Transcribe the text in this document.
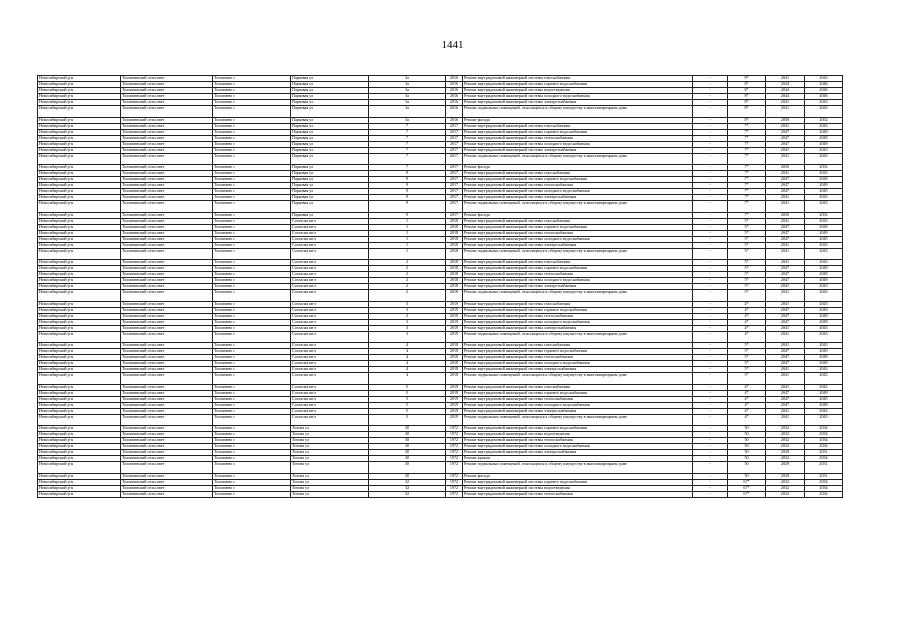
1441
Новосибирский р-н	Толмачевский сельсовет	Толмачево с	Парковая ул	3а	2016	Ремонт внутридомовой инженерной системы газоснабжения	-	8*	2041	2043
Новосибирский р-н	Толмачевский сельсовет	Толмачево с	Парковая ул	3а	2016	Ремонт внутридомовой инженерной системы горячего водоснабжения	-	8*	2044	2046
Новосибирский р-н	Толмачевский сельсовет	Толмачево с	Парковая ул	3а	2016	Ремонт внутридомовой инженерной системы водоотведения	-	8*	2044	2046
Новосибирский р-н	Толмачевский сельсовет	Толмачево с	Парковая ул	3а	2016	Ремонт внутридомовой инженерной системы холодного водоснабжения	-	8*	2044	2046
Новосибирский р-н	Толмачевский сельсовет	Толмачево с	Парковая ул	3а	2016	Ремонт внутридомовой инженерной системы электроснабжения	-	8*	2041	2043
Новосибирский р-н	Толмачевский сельсовет	Толмачево с	Парковая ул	3а	2016	Ремонт подвальных помещений, относящихся к общему имуществу в многоквартирном доме	-	8*	2041	2043
Новосибирский р-н	Толмачевский сельсовет	Толмачево с	Парковая ул	3а	2016	Ремонт фасада	-	8*	2050	2052
Новосибирский р-н	Толмачевский сельсовет	Толмачево с	Парковая ул	7	2017	Ремонт внутридомовой инженерной системы газоснабжения	-	7*	2041	2043
Новосибирский р-н	Толмачевский сельсовет	Толмачево с	Парковая ул	7	2017	Ремонт внутридомовой инженерной системы горячего водоснабжения	-	7*	2047	2049
Новосибирский р-н	Толмачевский сельсовет	Толмачево с	Парковая ул	7	2017	Ремонт внутридомовой инженерной системы теплоснабжения	-	7*	2047	2049
Новосибирский р-н	Толмачевский сельсовет	Толмачево с	Парковая ул	7	2017	Ремонт внутридомовой инженерной системы холодного водоснабжения	-	7*	2047	2049
Новосибирский р-н	Толмачевский сельсовет	Толмачево с	Парковая ул	7	2017	Ремонт внутридомовой инженерной системы электроснабжения	-	7*	2041	2043
Новосибирский р-н	Толмачевский сельсовет	Толмачево с	Парковая ул	7	2017	Ремонт подвальных помещений, относящихся к общему имуществу в многоквартирном доме	-	7*	2041	2043
Новосибирский р-н	Толмачевский сельсовет	Толмачево с	Парковая ул	7	2017	Ремонт фасада	-	7*	2050	2052
Новосибирский р-н	Толмачевский сельсовет	Толмачево с	Парковая ул	9	2017	Ремонт внутридомовой инженерной системы газоснабжения	-	7*	2041	2043
Новосибирский р-н	Толмачевский сельсовет	Толмачево с	Парковая ул	9	2017	Ремонт внутридомовой инженерной системы горячего водоснабжения	-	7*	2047	2049
Новосибирский р-н	Толмачевский сельсовет	Толмачево с	Парковая ул	9	2017	Ремонт внутридомовой инженерной системы теплоснабжения	-	7*	2047	2049
Новосибирский р-н	Толмачевский сельсовет	Толмачево с	Парковая ул	9	2017	Ремонт внутридомовой инженерной системы холодного водоснабжения	-	7*	2047	2049
Новосибирский р-н	Толмачевский сельсовет	Толмачево с	Парковая ул	9	2017	Ремонт внутридомовой инженерной системы электроснабжения	-	7*	2041	2043
Новосибирский р-н	Толмачевский сельсовет	Толмачево с	Парковая ул	9	2017	Ремонт подвальных помещений, относящихся к общему имуществу в многоквартирном доме	-	7*	2041	2043
Новосибирский р-н	Толмачевский сельсовет	Толмачево с	Парковая ул	9	2017	Ремонт фасада	-	7*	2050	2052
Новосибирский р-н	Толмачевский сельсовет	Толмачево с	Согласия кв-л	1	2018	Ремонт внутридомовой инженерной системы газоснабжения	-	5*	2041	2043
Новосибирский р-н	Толмачевский сельсовет	Толмачево с	Согласия кв-л	1	2018	Ремонт внутридомовой инженерной системы горячего водоснабжения	-	5*	2047	2049
Новосибирский р-н	Толмачевский сельсовет	Толмачево с	Согласия кв-л	1	2018	Ремонт внутридомовой инженерной системы теплоснабжения	-	5*	2047	2049
Новосибирский р-н	Толмачевский сельсовет	Толмачево с	Согласия кв-л	1	2018	Ремонт внутридомовой инженерной системы холодного водоснабжения	-	5*	2047	2049
Новосибирский р-н	Толмачевский сельсовет	Толмачево с	Согласия кв-л	1	2018	Ремонт внутридомовой инженерной системы электроснабжения	-	5*	2041	2043
Новосибирский р-н	Толмачевский сельсовет	Толмачево с	Согласия кв-л	1	2018	Ремонт подвальных помещений, относящихся к общему имуществу в многоквартирном доме	-	5*	2041	2043
Новосибирский р-н	Толмачевский сельсовет	Толмачево с	Согласия кв-л	2	2018	Ремонт внутридомовой инженерной системы газоснабжения	-	5*	2041	2043
Новосибирский р-н	Толмачевский сельсовет	Толмачево с	Согласия кв-л	2	2018	Ремонт внутридомовой инженерной системы горячего водоснабжения	-	5*	2047	2049
Новосибирский р-н	Толмачевский сельсовет	Толмачево с	Согласия кв-л	2	2018	Ремонт внутридомовой инженерной системы теплоснабжения	-	5*	2047	2049
Новосибирский р-н	Толмачевский сельсовет	Толмачево с	Согласия кв-л	2	2018	Ремонт внутридомовой инженерной системы холодного водоснабжения	-	5*	2047	2049
Новосибирский р-н	Толмачевский сельсовет	Толмачево с	Согласия кв-л	2	2018	Ремонт внутридомовой инженерной системы электроснабжения	-	5*	2041	2043
Новосибирский р-н	Толмачевский сельсовет	Толмачево с	Согласия кв-л	2	2018	Ремонт подвальных помещений, относящихся к общему имуществу в многоквартирном доме	-	5*	2041	2043
Новосибирский р-н	Толмачевский сельсовет	Толмачево с	Согласия кв-л	3	2019	Ремонт внутридомовой инженерной системы газоснабжения	-	4*	2041	2043
Новосибирский р-н	Толмачевский сельсовет	Толмачево с	Согласия кв-л	3	2019	Ремонт внутридомовой инженерной системы горячего водоснабжения	-	4*	2047	2049
Новосибирский р-н	Толмачевский сельсовет	Толмачево с	Согласия кв-л	3	2019	Ремонт внутридомовой инженерной системы теплоснабжения	-	4*	2047	2049
Новосибирский р-н	Толмачевский сельсовет	Толмачево с	Согласия кв-л	3	2019	Ремонт внутридомовой инженерной системы холодного водоснабжения	-	4*	2047	2049
Новосибирский р-н	Толмачевский сельсовет	Толмачево с	Согласия кв-л	3	2019	Ремонт внутридомовой инженерной системы электроснабжения	-	4*	2041	2043
Новосибирский р-н	Толмачевский сельсовет	Толмачево с	Согласия кв-л	3	2019	Ремонт подвальных помещений, относящихся к общему имуществу в многоквартирном доме	-	4*	2041	2043
Новосибирский р-н	Толмачевский сельсовет	Толмачево с	Согласия кв-л	4	2018	Ремонт внутридомовой инженерной системы газоснабжения	-	5*	2041	2043
Новосибирский р-н	Толмачевский сельсовет	Толмачево с	Согласия кв-л	4	2018	Ремонт внутридомовой инженерной системы горячего водоснабжения	-	5*	2047	2049
Новосибирский р-н	Толмачевский сельсовет	Толмачево с	Согласия кв-л	4	2018	Ремонт внутридомовой инженерной системы теплоснабжения	-	5*	2047	2049
Новосибирский р-н	Толмачевский сельсовет	Толмачево с	Согласия кв-л	4	2018	Ремонт внутридомовой инженерной системы холодного водоснабжения	-	5*	2047	2049
Новосибирский р-н	Толмачевский сельсовет	Толмачево с	Согласия кв-л	4	2018	Ремонт внутридомовой инженерной системы электроснабжения	-	5*	2041	2043
Новосибирский р-н	Толмачевский сельсовет	Толмачево с	Согласия кв-л	4	2018	Ремонт подвальных помещений, относящихся к общему имуществу в многоквартирном доме	-	5*	2041	2043
Новосибирский р-н	Толмачевский сельсовет	Толмачево с	Согласия кв-л	5	2019	Ремонт внутридомовой инженерной системы газоснабжения	-	4*	2041	2043
Новосибирский р-н	Толмачевский сельсовет	Толмачево с	Согласия кв-л	5	2019	Ремонт внутридомовой инженерной системы горячего водоснабжения	-	4*	2047	2049
Новосибирский р-н	Толмачевский сельсовет	Толмачево с	Согласия кв-л	5	2019	Ремонт внутридомовой инженерной системы теплоснабжения	-	4*	2047	2049
Новосибирский р-н	Толмачевский сельсовет	Толмачево с	Согласия кв-л	5	2019	Ремонт внутридомовой инженерной системы холодного водоснабжения	-	4*	2047	2049
Новосибирский р-н	Толмачевский сельсовет	Толмачево с	Согласия кв-л	5	2019	Ремонт внутридомовой инженерной системы электроснабжения	-	4*	2041	2043
Новосибирский р-н	Толмачевский сельсовет	Толмачево с	Согласия кв-л	5	2019	Ремонт подвальных помещений, относящихся к общему имуществу в многоквартирном доме	-	4*	2041	2043
Новосибирский р-н	Толмачевский сельсовет	Толмачево с	Титова ул	30	1972	Ремонт внутридомовой инженерной системы горячего водоснабжения	-	50	2032	2034
Новосибирский р-н	Толмачевский сельсовет	Толмачево с	Титова ул	30	1972	Ремонт внутридомовой инженерной системы водоотведения	-	50	2032	2034
Новосибирский р-н	Толмачевский сельсовет	Толмачево с	Титова ул	30	1972	Ремонт внутридомовой инженерной системы теплоснабжения	-	50	2032	2034
Новосибирский р-н	Толмачевский сельсовет	Толмачево с	Титова ул	30	1972	Ремонт внутридомовой инженерной системы холодного водоснабжения	-	50	2032	2034
Новосибирский р-н	Толмачевский сельсовет	Толмачево с	Титова ул	30	1972	Ремонт внутридомовой инженерной системы электроснабжения	-	50	2029	2031
Новосибирский р-н	Толмачевский сельсовет	Толмачево с	Титова ул	30	1972	Ремонт крыши	-	50	2032	2034
Новосибирский р-н	Толмачевский сельсовет	Толмачево с	Титова ул	30	1972	Ремонт подвальных помещений, относящихся к общему имуществу в многоквартирном доме	-	50	2029	2031
Новосибирский р-н	Толмачевский сельсовет	Толмачево с	Титова ул	30	1972	Ремонт фасада	-	50	2029	2031
Новосибирский р-н	Толмачевский сельсовет	Толмачево с	Титова ул	32	1972	Ремонт внутридомовой инженерной системы горячего водоснабжения	-	67*	2032	2034
Новосибирский р-н	Толмачевский сельсовет	Толмачево с	Титова ул	32	1972	Ремонт внутридомовой инженерной системы водоотведения	-	67*	2032	2034
Новосибирский р-н	Толмачевский сельсовет	Толмачево с	Титова ул	32	1972	Ремонт внутридомовой инженерной системы теплоснабжения	-	67*	2032	2034
